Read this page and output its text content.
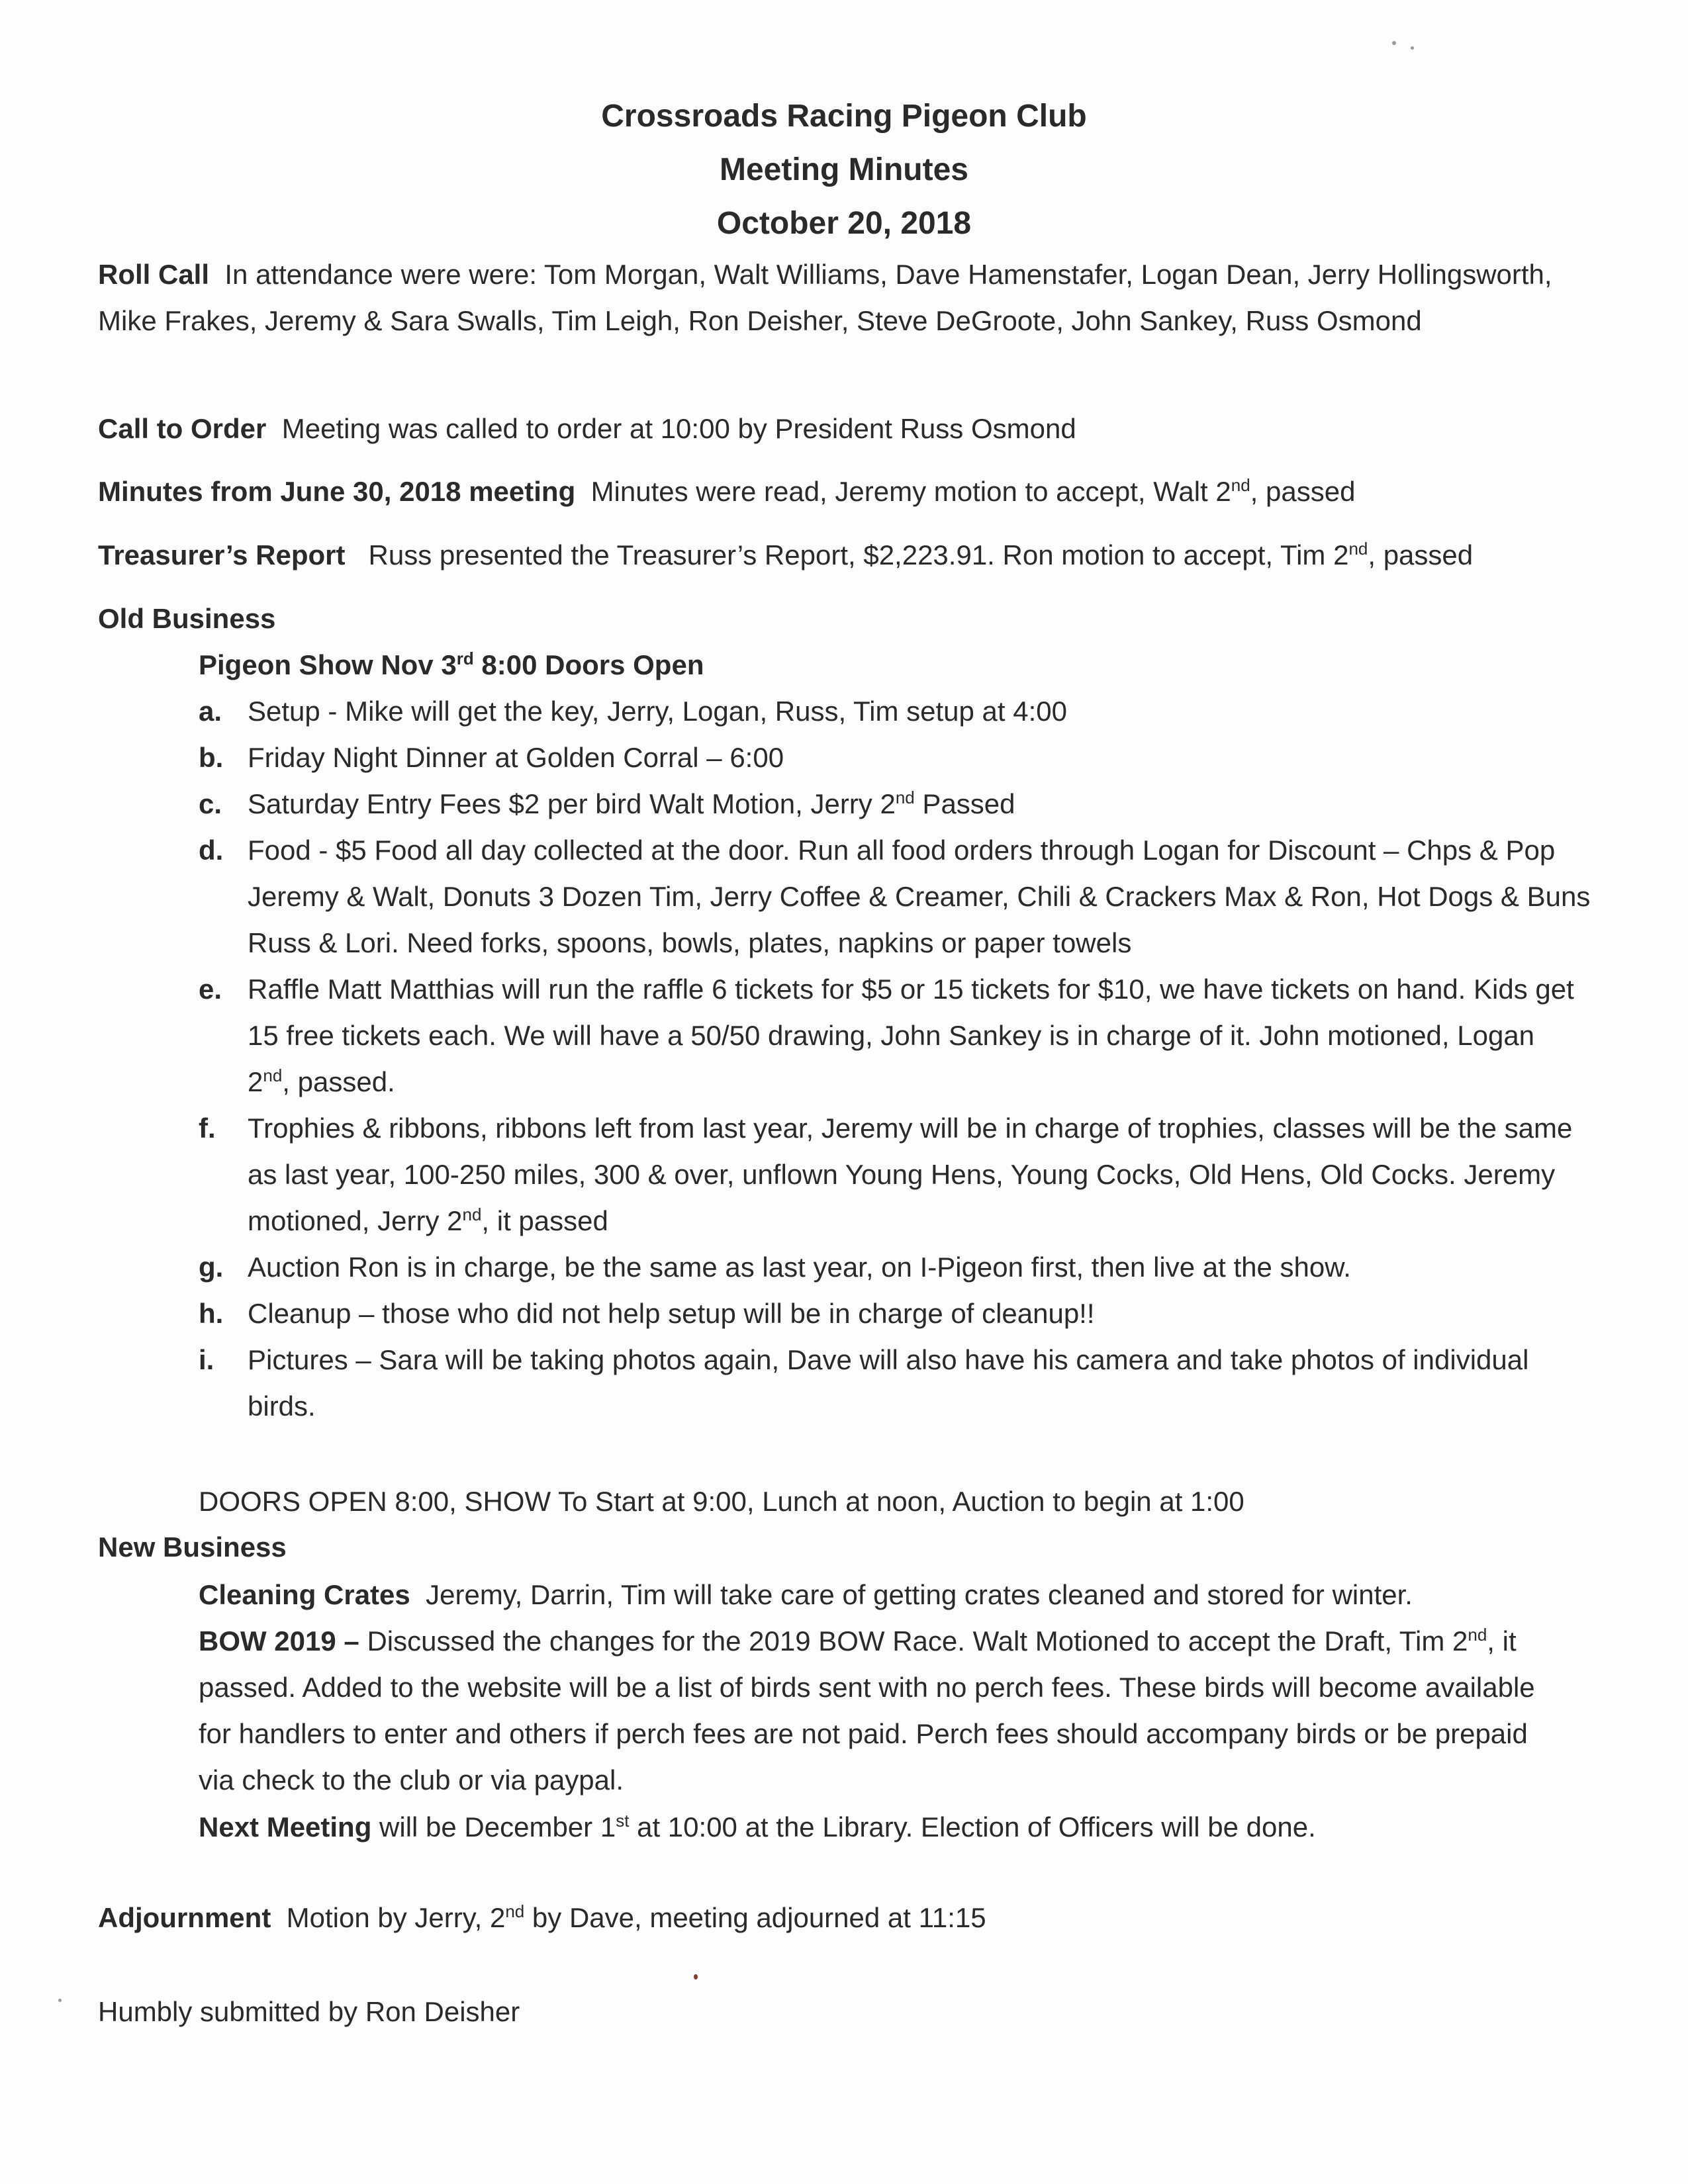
Crossroads Racing Pigeon Club
Meeting Minutes
October 20, 2018
Roll Call In attendance were were: Tom Morgan, Walt Williams, Dave Hamenstafer, Logan Dean, Jerry Hollingsworth, Mike Frakes, Jeremy & Sara Swalls, Tim Leigh, Ron Deisher, Steve DeGroote, John Sankey, Russ Osmond
Call to Order Meeting was called to order at 10:00 by President Russ Osmond
Minutes from June 30, 2018 meeting Minutes were read, Jeremy motion to accept, Walt 2nd, passed
Treasurer’s Report Russ presented the Treasurer’s Report, $2,223.91. Ron motion to accept, Tim 2nd, passed
Old Business
Pigeon Show Nov 3rd 8:00 Doors Open
a. Setup - Mike will get the key, Jerry, Logan, Russ, Tim setup at 4:00
b. Friday Night Dinner at Golden Corral – 6:00
c. Saturday Entry Fees $2 per bird Walt Motion, Jerry 2nd Passed
d. Food - $5 Food all day collected at the door. Run all food orders through Logan for Discount – Chps & Pop Jeremy & Walt, Donuts 3 Dozen Tim, Jerry Coffee & Creamer, Chili & Crackers Max & Ron, Hot Dogs & Buns Russ & Lori. Need forks, spoons, bowls, plates, napkins or paper towels
e. Raffle Matt Matthias will run the raffle 6 tickets for $5 or 15 tickets for $10, we have tickets on hand. Kids get 15 free tickets each. We will have a 50/50 drawing, John Sankey is in charge of it. John motioned, Logan 2nd, passed.
f. Trophies & ribbons, ribbons left from last year, Jeremy will be in charge of trophies, classes will be the same as last year, 100-250 miles, 300 & over, unflown Young Hens, Young Cocks, Old Hens, Old Cocks. Jeremy motioned, Jerry 2nd, it passed
g. Auction Ron is in charge, be the same as last year, on I-Pigeon first, then live at the show.
h. Cleanup – those who did not help setup will be in charge of cleanup!!
i. Pictures – Sara will be taking photos again, Dave will also have his camera and take photos of individual birds.
DOORS OPEN 8:00, SHOW To Start at 9:00, Lunch at noon, Auction to begin at 1:00
New Business
Cleaning Crates Jeremy, Darrin, Tim will take care of getting crates cleaned and stored for winter.
BOW 2019 – Discussed the changes for the 2019 BOW Race. Walt Motioned to accept the Draft, Tim 2nd, it passed. Added to the website will be a list of birds sent with no perch fees. These birds will become available for handlers to enter and others if perch fees are not paid. Perch fees should accompany birds or be prepaid via check to the club or via paypal.
Next Meeting will be December 1st at 10:00 at the Library. Election of Officers will be done.
Adjournment Motion by Jerry, 2nd by Dave, meeting adjourned at 11:15
Humbly submitted by Ron Deisher
